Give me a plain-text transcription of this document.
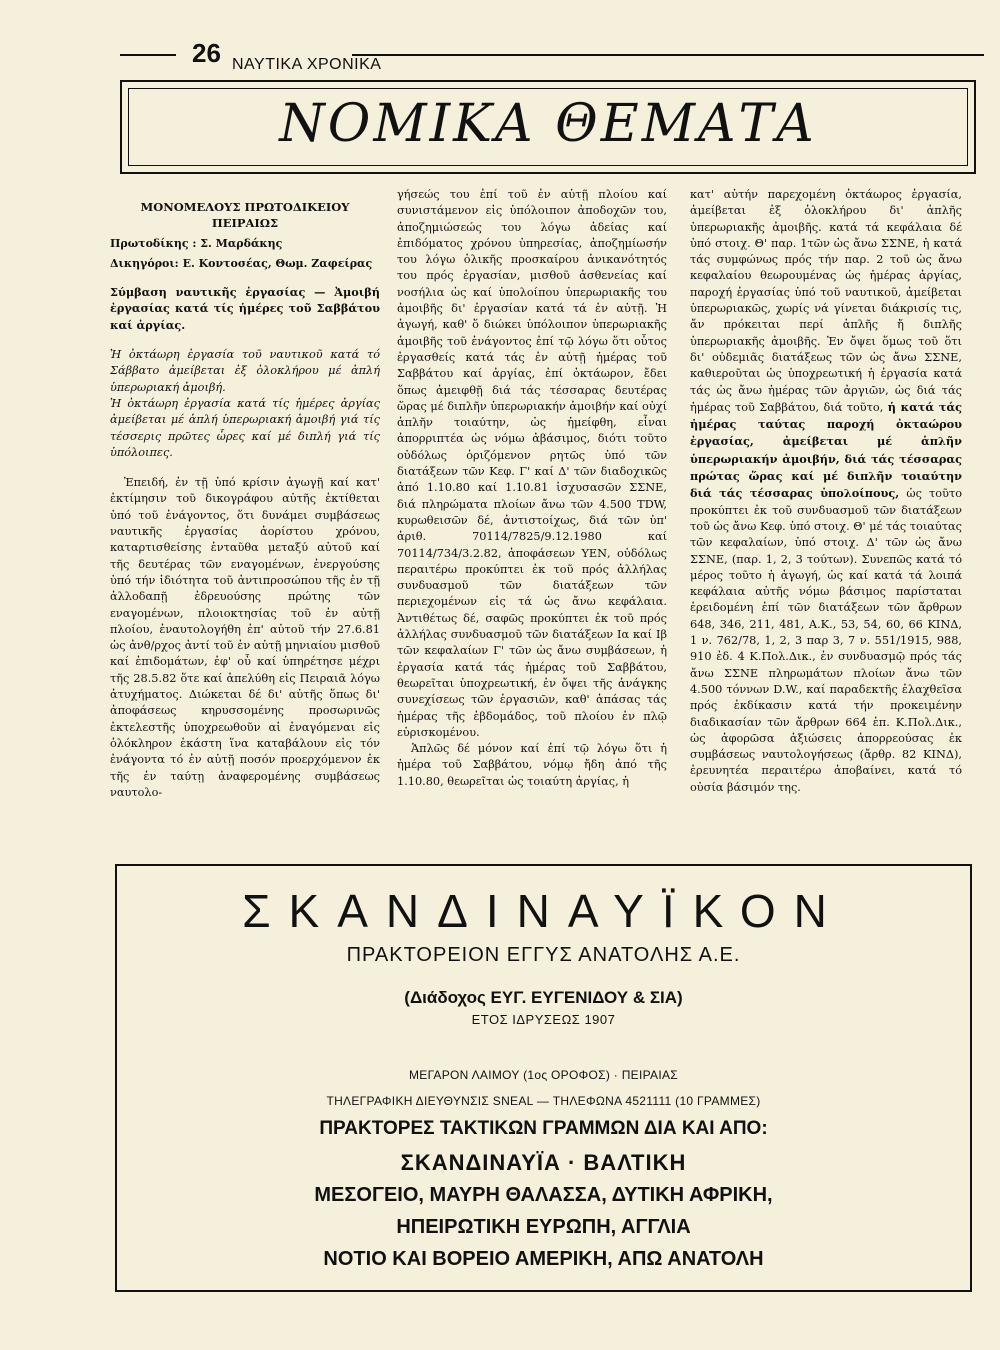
26 ΝΑΥΤΙΚΑ ΧΡΟΝΙΚΑ
ΝΟΜΙΚΑ ΘΕΜΑΤΑ

ΜΟΝΟΜΕΛΟΥΣ ΠΡΩΤΟΔΙΚΕΙΟΥ ΠΕΙΡΑΙΩΣ

Πρωτοδίκης : Σ. Μαρδάκης

Δικηγόροι: Ε. Κοντοσέας, Θωμ. Ζαφείρας

Σύμβαση ναυτικῆς ἐργασίας — Ἀμοιβή ἐργασίας κατά τίς ἡμέρες τοῦ Σαββάτου καί ἀργίας.

Ἡ ὀκτάωρη ἐργασία τοῦ ναυτικοῦ κατά τό Σάββατο ἀμείβεται ἐξ ὁλοκλήρου μέ ἁπλή ὑπερωριακή ἀμοιβή.

Ἡ ὀκτάωρη ἐργασία κατά τίς ἡμέρες ἀργίας ἀμείβεται μέ ἁπλή ὑπερωριακή ἀμοιβή γιά τίς τέσσερις πρῶτες ὧρες καί μέ διπλή γιά τίς ὑπόλοιπες.

Ἐπειδή, ἐν τῇ ὑπό κρίσιν ἀγωγῇ καί κατ' ἐκτίμησιν τοῦ δικογράφου αὐτῆς ἐκτίθεται ὑπό τοῦ ἐνάγοντος, ὅτι δυνάμει συμβάσεως ναυτικῆς ἐργασίας ἀορίστου χρόνου, καταρτισθείσης ἐνταῦθα μεταξύ αὐτοῦ καί τῆς δευτέρας τῶν εναγομένων, ἐνεργούσης ὑπό τήν ἰδιότητα τοῦ ἀντιπροσώπου τῆς ἐν τῇ ἀλλοδαπῇ ἑδρευούσης πρώτης τῶν εναγομένων, πλοιοκτησίας τοῦ ἐν αὐτῇ πλοίου, ἐναυτολογήθη ἐπ' αὐτοῦ τήν 27.6.81 ὡς ἀνθ/ρχος ἀντί τοῦ ἐν αὐτῇ μηνιαίου μισθοῦ καί ἐπιδομάτων, ἐφ' οὗ καί ὑπηρέτησε μέχρι τῆς 28.5.82 ὅτε καί ἀπελύθη εἰς Πειραιᾶ λόγω ἀτυχήματος. Διώκεται δέ δι' αὐτῆς ὅπως δι' ἀποφάσεως κηρυσσομένης προσωρινῶς ἐκτελεστῆς ὑποχρεωθοῦν αἱ ἐναγόμεναι εἰς ὁλόκληρον ἑκάστη ἵνα καταβάλουν εἰς τόν ἐνάγοντα τό ἐν αὐτῇ ποσόν προερχόμενον ἐκ τῆς ἐν ταύτῃ ἀναφερομένης συμβάσεως ναυτολο-

γήσεώς του ἐπί τοῦ ἐν αὐτῇ πλοίου καί συνιστάμενον εἰς ὑπόλοιπον ἀποδοχῶν του, ἀποζημιώσεώς του λόγω ἀδείας καί ἐπιδόματος χρόνου ὑπηρεσίας, ἀποζημίωσήν του λόγω ὁλικῆς προσκαίρου ἀνικανότητός του πρός ἐργασίαν, μισθοῦ ἀσθενείας καί νοσήλια ὡς καί ὑπολοίπου ὑπερωριακῆς του ἀμοιβῆς δι' ἐργασίαν κατά τά ἐν αὐτῇ. Ἡ ἀγωγή, καθ' ὅ διώκει ὑπόλοιπον ὑπερωριακῆς ἀμοιβῆς τοῦ ἐνάγοντος ἐπί τῷ λόγω ὅτι οὗτος ἐργασθείς κατά τάς ἐν αὐτῇ ἡμέρας τοῦ Σαββάτου καί ἀργίας, ἐπί ὀκτάωρον, ἔδει ὅπως ἀμειφθῇ διά τάς τέσσαρας δευτέρας ὥρας μέ διπλῆν ὑπερωριακήν ἀμοιβήν καί οὐχί ἁπλῆν τοιαύτην, ὡς ἠμείφθη, εἶναι ἀπορριπτέα ὡς νόμω ἀβάσιμος, διότι τοῦτο οὐδόλως ὁριζόμενον ρητῶς ὑπό τῶν διατάξεων τῶν Κεφ. Γ' καί Δ' τῶν διαδοχικῶς ἀπό 1.10.80 καί 1.10.81 ἰσχυσασῶν ΣΣΝΕ, διά πληρώματα πλοίων ἄνω τῶν 4.500 TDW, κυρωθεισῶν δέ, ἀντιστοίχως, διά τῶν ὑπ' ἀριθ. 70114/7825/9.12.1980 καί 70114/734/3.2.82, ἀποφάσεων ΥΕΝ, οὐδόλως περαιτέρω προκύπτει ἐκ τοῦ πρός ἀλλήλας συνδυασμοῦ τῶν διατάξεων τῶν περιεχομένων εἰς τά ὡς ἄνω κεφάλαια. Ἀντιθέτως δέ, σαφῶς προκύπτει ἐκ τοῦ πρός ἀλλήλας συνδυασμοῦ τῶν διατάξεων Ια καί Ιβ τῶν κεφαλαίων Γ' τῶν ὡς ἄνω συμβάσεων, ἡ ἐργασία κατά τάς ἡμέρας τοῦ Σαββάτου, θεωρεῖται ὑποχρεωτική, ἐν ὄψει τῆς ἀνάγκης συνεχίσεως τῶν ἐργασιῶν, καθ' ἁπάσας τάς ἡμέρας τῆς ἑβδομάδος, τοῦ πλοίου ἐν πλῷ εὑρισκομένου.

Ἁπλῶς δέ μόνον καί ἐπί τῷ λόγω ὅτι ἡ ἡμέρα τοῦ Σαββάτου, νόμῳ ἤδη ἀπό τῆς 1.10.80, θεωρεῖται ὡς τοιαύτη ἀργίας, ἡ

κατ' αὐτήν παρεχομένη ὀκτάωρος ἐργασία, ἀμείβεται ἐξ ὁλοκλήρου δι' ἁπλῆς ὑπερωριακῆς ἀμοιβῆς. κατά τά κεφάλαια δέ ὑπό στοιχ. Θ' παρ. 1τῶν ὡς ἄνω ΣΣΝΕ, ἡ κατά τάς συμφώνως πρός τήν παρ. 2 τοῦ ὡς ἄνω κεφαλαίου θεωρουμένας ὡς ἡμέρας ἀργίας, παροχή ἐργασίας ὑπό τοῦ ναυτικοῦ, ἀμείβεται ὑπερωριακῶς, χωρίς νά γίνεται διάκρισίς τις, ἄν πρόκειται περί ἁπλῆς ἤ διπλῆς ὑπερωριακῆς ἀμοιβῆς. Ἐν ὄψει ὅμως τοῦ ὅτι δι' οὐδεμιᾶς διατάξεως τῶν ὡς ἄνω ΣΣΝΕ, καθιεροῦται ὡς ὑποχρεωτική ἡ ἐργασία κατά τάς ὡς ἄνω ἡμέρας τῶν ἀργιῶν, ὡς διά τάς ἡμέρας τοῦ Σαββάτου, διά τοῦτο, ἡ κατά τάς ἡμέρας ταύτας παροχή ὀκταώρου ἐργασίας, ἀμείβεται μέ ἁπλῆν ὑπερωριακήν ἀμοιβήν, διά τάς τέσσαρας πρώτας ὥρας καί μέ διπλῆν τοιαύτην διά τάς τέσσαρας ὑπολοίπους, ὡς τοῦτο προκύπτει ἐκ τοῦ συνδυασμοῦ τῶν διατάξεων τοῦ ὡς ἄνω Κεφ. ὑπό στοιχ. Θ' μέ τάς τοιαύτας τῶν κεφαλαίων, ὑπό στοιχ. Δ' τῶν ὡς ἄνω ΣΣΝΕ, (παρ. 1, 2, 3 τούτων). Συνεπῶς κατά τό μέρος τοῦτο ἡ ἀγωγή, ὡς καί κατά τά λοιπά κεφάλαια αὐτῆς νόμω βάσιμος παρίσταται ἐρειδομένη ἐπί τῶν διατάξεων τῶν ἄρθρων 648, 346, 211, 481, Α.Κ., 53, 54, 60, 66 ΚΙΝΔ, 1 ν. 762/78, 1, 2, 3 παρ 3, 7 ν. 551/1915, 988, 910 ἐδ. 4 Κ.Πολ.Δικ., ἐν συνδυασμῷ πρός τάς ἄνω ΣΣΝΕ πληρωμάτων πλοίων ἄνω τῶν 4.500 τόννων D.W., καί παραδεκτῆς ἐλαχθεῖσα πρός ἐκδίκασιν κατά τήν προκειμένην διαδικασίαν τῶν ἄρθρων 664 ἑπ. Κ.Πολ.Δικ., ὡς ἀφορῶσα ἀξιώσεις ἀπορρεούσας ἐκ συμβάσεως ναυτολογήσεως (ἄρθρ. 82 ΚΙΝΔ), ἐρευνητέα περαιτέρω ἀποβαίνει, κατά τό οὐσία βάσιμόν της.

ΣΚΑΝΔΙΝΑΥΪΚΟΝ
ΠΡΑΚΤΟΡΕΙΟΝ ΕΓΓΥΣ ΑΝΑΤΟΛΗΣ Α.Ε.
(Διάδοχος ΕΥΓ. ΕΥΓΕΝΙΔΟΥ & ΣΙΑ)
ΕΤΟΣ ΙΔΡΥΣΕΩΣ 1907
ΜΕΓΑΡΟΝ ΛΑΙΜΟΥ (1ος ΟΡΟΦΟΣ) · ΠΕΙΡΑΙΑΣ
ΤΗΛΕΓΡΑΦΙΚΗ ΔΙΕΥΘΥΝΣΙΣ SNEAL — ΤΗΛΕΦΩΝΑ 4521111 (10 ΓΡΑΜΜΕΣ)
ΠΡΑΚΤΟΡΕΣ ΤΑΚΤΙΚΩΝ ΓΡΑΜΜΩΝ ΔΙΑ ΚΑΙ ΑΠΟ:
ΣΚΑΝΔΙΝΑΥΪΑ · ΒΑΛΤΙΚΗ
ΜΕΣΟΓΕΙΟ, ΜΑΥΡΗ ΘΑΛΑΣΣΑ, ΔΥΤΙΚΗ ΑΦΡΙΚΗ,
ΗΠΕΙΡΩΤΙΚΗ ΕΥΡΩΠΗ, ΑΓΓΛΙΑ
ΝΟΤΙΟ ΚΑΙ ΒΟΡΕΙΟ ΑΜΕΡΙΚΗ, ΑΠΩ ΑΝΑΤΟΛΗ
